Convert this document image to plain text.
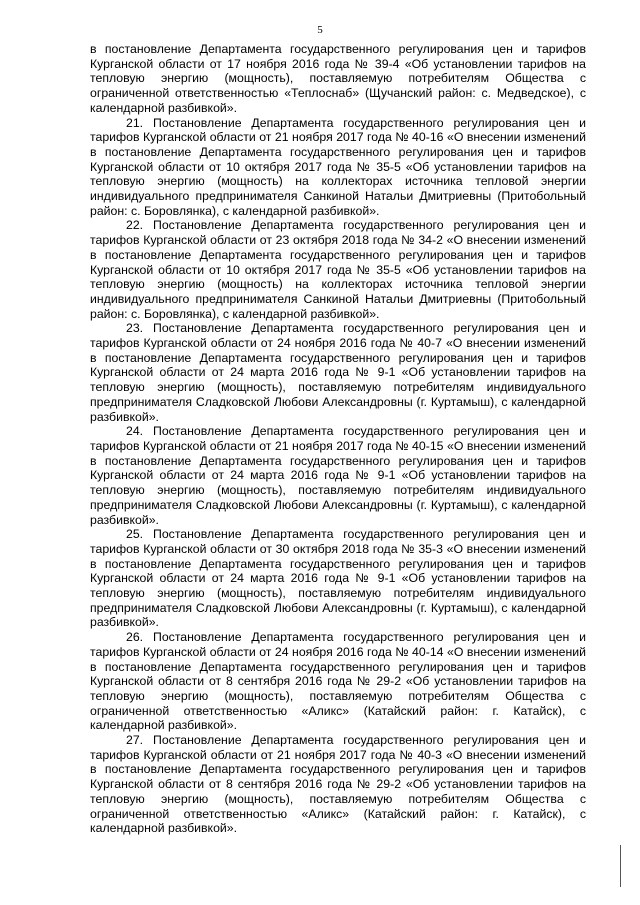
5

в постановление Департамента государственного регулирования цен и тарифов Курганской области от 17 ноября 2016 года № 39-4 «Об установлении тарифов на тепловую энергию (мощность), поставляемую потребителям Общества с ограниченной ответственностью «Теплоснаб» (Щучанский район: с. Медведское), с календарной разбивкой».

21. Постановление Департамента государственного регулирования цен и тарифов Курганской области от 21 ноября 2017 года № 40-16 «О внесении изменений в постановление Департамента государственного регулирования цен и тарифов Курганской области от 10 октября 2017 года № 35-5 «Об установлении тарифов на тепловую энергию (мощность) на коллекторах источника тепловой энергии индивидуального предпринимателя Санкиной Натальи Дмитриевны (Притобольный район: с. Боровлянка), с календарной разбивкой».

22. Постановление Департамента государственного регулирования цен и тарифов Курганской области от 23 октября 2018 года № 34-2 «О внесении изменений в постановление Департамента государственного регулирования цен и тарифов Курганской области от 10 октября 2017 года № 35-5 «Об установлении тарифов на тепловую энергию (мощность) на коллекторах источника тепловой энергии индивидуального предпринимателя Санкиной Натальи Дмитриевны (Притобольный район: с. Боровлянка), с календарной разбивкой».

23. Постановление Департамента государственного регулирования цен и тарифов Курганской области от 24 ноября 2016 года № 40-7 «О внесении изменений в постановление Департамента государственного регулирования цен и тарифов Курганской области от 24 марта 2016 года № 9-1 «Об установлении тарифов на тепловую энергию (мощность), поставляемую потребителям индивидуального предпринимателя Сладковской Любови Александровны (г. Куртамыш), с календарной разбивкой».

24. Постановление Департамента государственного регулирования цен и тарифов Курганской области от 21 ноября 2017 года № 40-15 «О внесении изменений в постановление Департамента государственного регулирования цен и тарифов Курганской области от 24 марта 2016 года № 9-1 «Об установлении тарифов на тепловую энергию (мощность), поставляемую потребителям индивидуального предпринимателя Сладковской Любови Александровны (г. Куртамыш), с календарной разбивкой».

25. Постановление Департамента государственного регулирования цен и тарифов Курганской области от 30 октября 2018 года № 35-3 «О внесении изменений в постановление Департамента государственного регулирования цен и тарифов Курганской области от 24 марта 2016 года № 9-1 «Об установлении тарифов на тепловую энергию (мощность), поставляемую потребителям индивидуального предпринимателя Сладковской Любови Александровны (г. Куртамыш), с календарной разбивкой».

26. Постановление Департамента государственного регулирования цен и тарифов Курганской области от 24 ноября 2016 года № 40-14 «О внесении изменений в постановление Департамента государственного регулирования цен и тарифов Курганской области от 8 сентября 2016 года № 29-2 «Об установлении тарифов на тепловую энергию (мощность), поставляемую потребителям Общества с ограниченной ответственностью «Аликс» (Катайский район: г. Катайск), с календарной разбивкой».

27. Постановление Департамента государственного регулирования цен и тарифов Курганской области от 21 ноября 2017 года № 40-3 «О внесении изменений в постановление Департамента государственного регулирования цен и тарифов Курганской области от 8 сентября 2016 года № 29-2 «Об установлении тарифов на тепловую энергию (мощность), поставляемую потребителям Общества с ограниченной ответственностью «Аликс» (Катайский район: г. Катайск), с календарной разбивкой».
